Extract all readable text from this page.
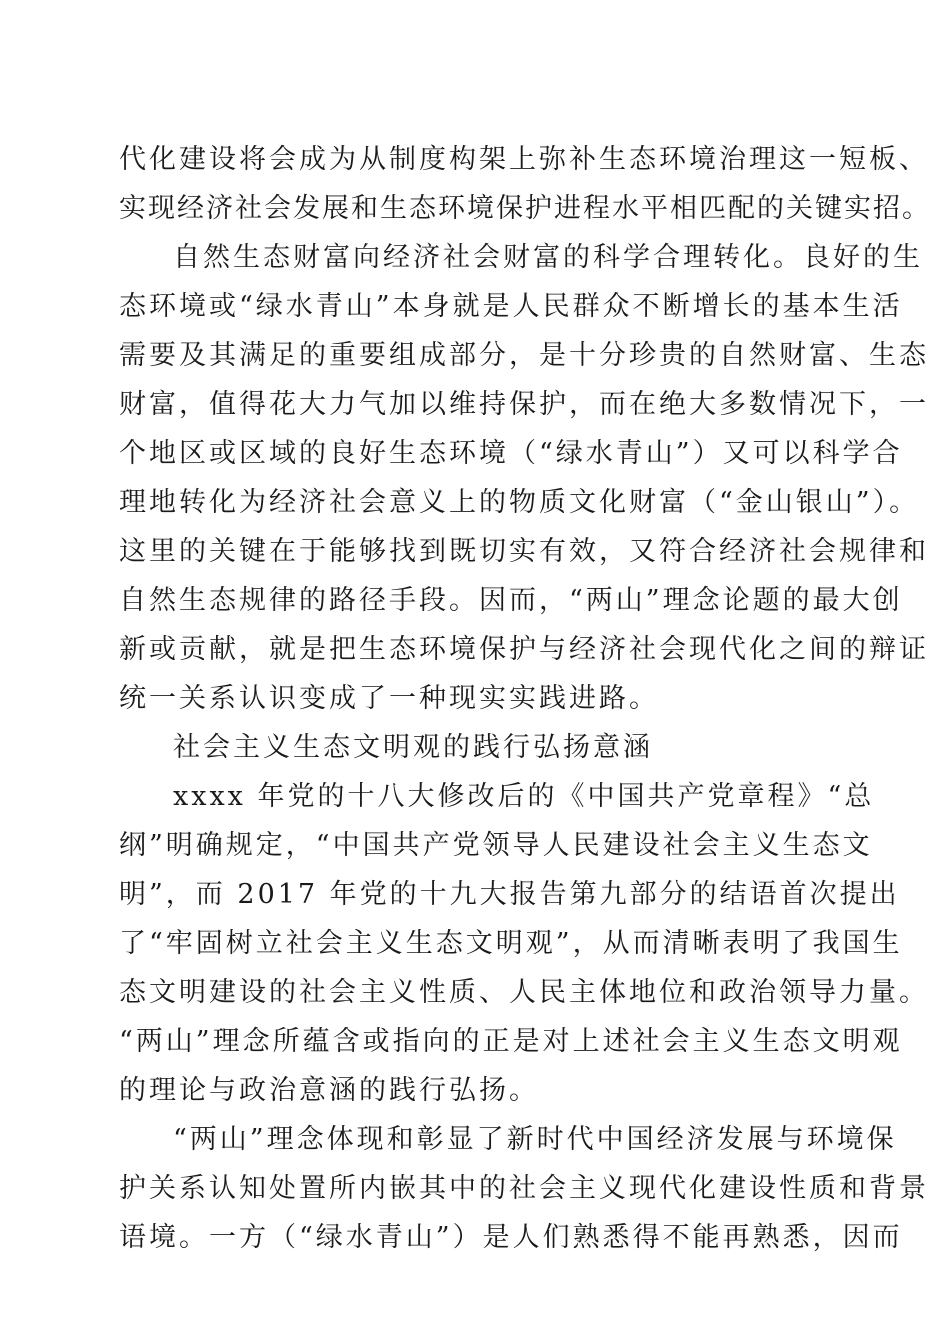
代化建设将会成为从制度构架上弥补生态环境治理这一短板、
实现经济社会发展和生态环境保护进程水平相匹配的关键实招。
自然生态财富向经济社会财富的科学合理转化。良好的生
态环境或“绿水青山”本身就是人民群众不断增长的基本生活
需要及其满足的重要组成部分，是十分珍贵的自然财富、生态
财富，值得花大力气加以维持保护，而在绝大多数情况下，一
个地区或区域的良好生态环境（“绿水青山”）又可以科学合
理地转化为经济社会意义上的物质文化财富（“金山银山”）。
这里的关键在于能够找到既切实有效，又符合经济社会规律和
自然生态规律的路径手段。因而，“两山”理念论题的最大创
新或贡献，就是把生态环境保护与经济社会现代化之间的辩证
统一关系认识变成了一种现实实践进路。
社会主义生态文明观的践行弘扬意涵
xxxx 年党的十八大修改后的《中国共产党章程》“总
纲”明确规定，“中国共产党领导人民建设社会主义生态文
明”，而 2017 年党的十九大报告第九部分的结语首次提出
了“牢固树立社会主义生态文明观”，从而清晰表明了我国生
态文明建设的社会主义性质、人民主体地位和政治领导力量。
“两山”理念所蕴含或指向的正是对上述社会主义生态文明观
的理论与政治意涵的践行弘扬。
“两山”理念体现和彰显了新时代中国经济发展与环境保
护关系认知处置所内嵌其中的社会主义现代化建设性质和背景
语境。一方（“绿水青山”）是人们熟悉得不能再熟悉，因而
